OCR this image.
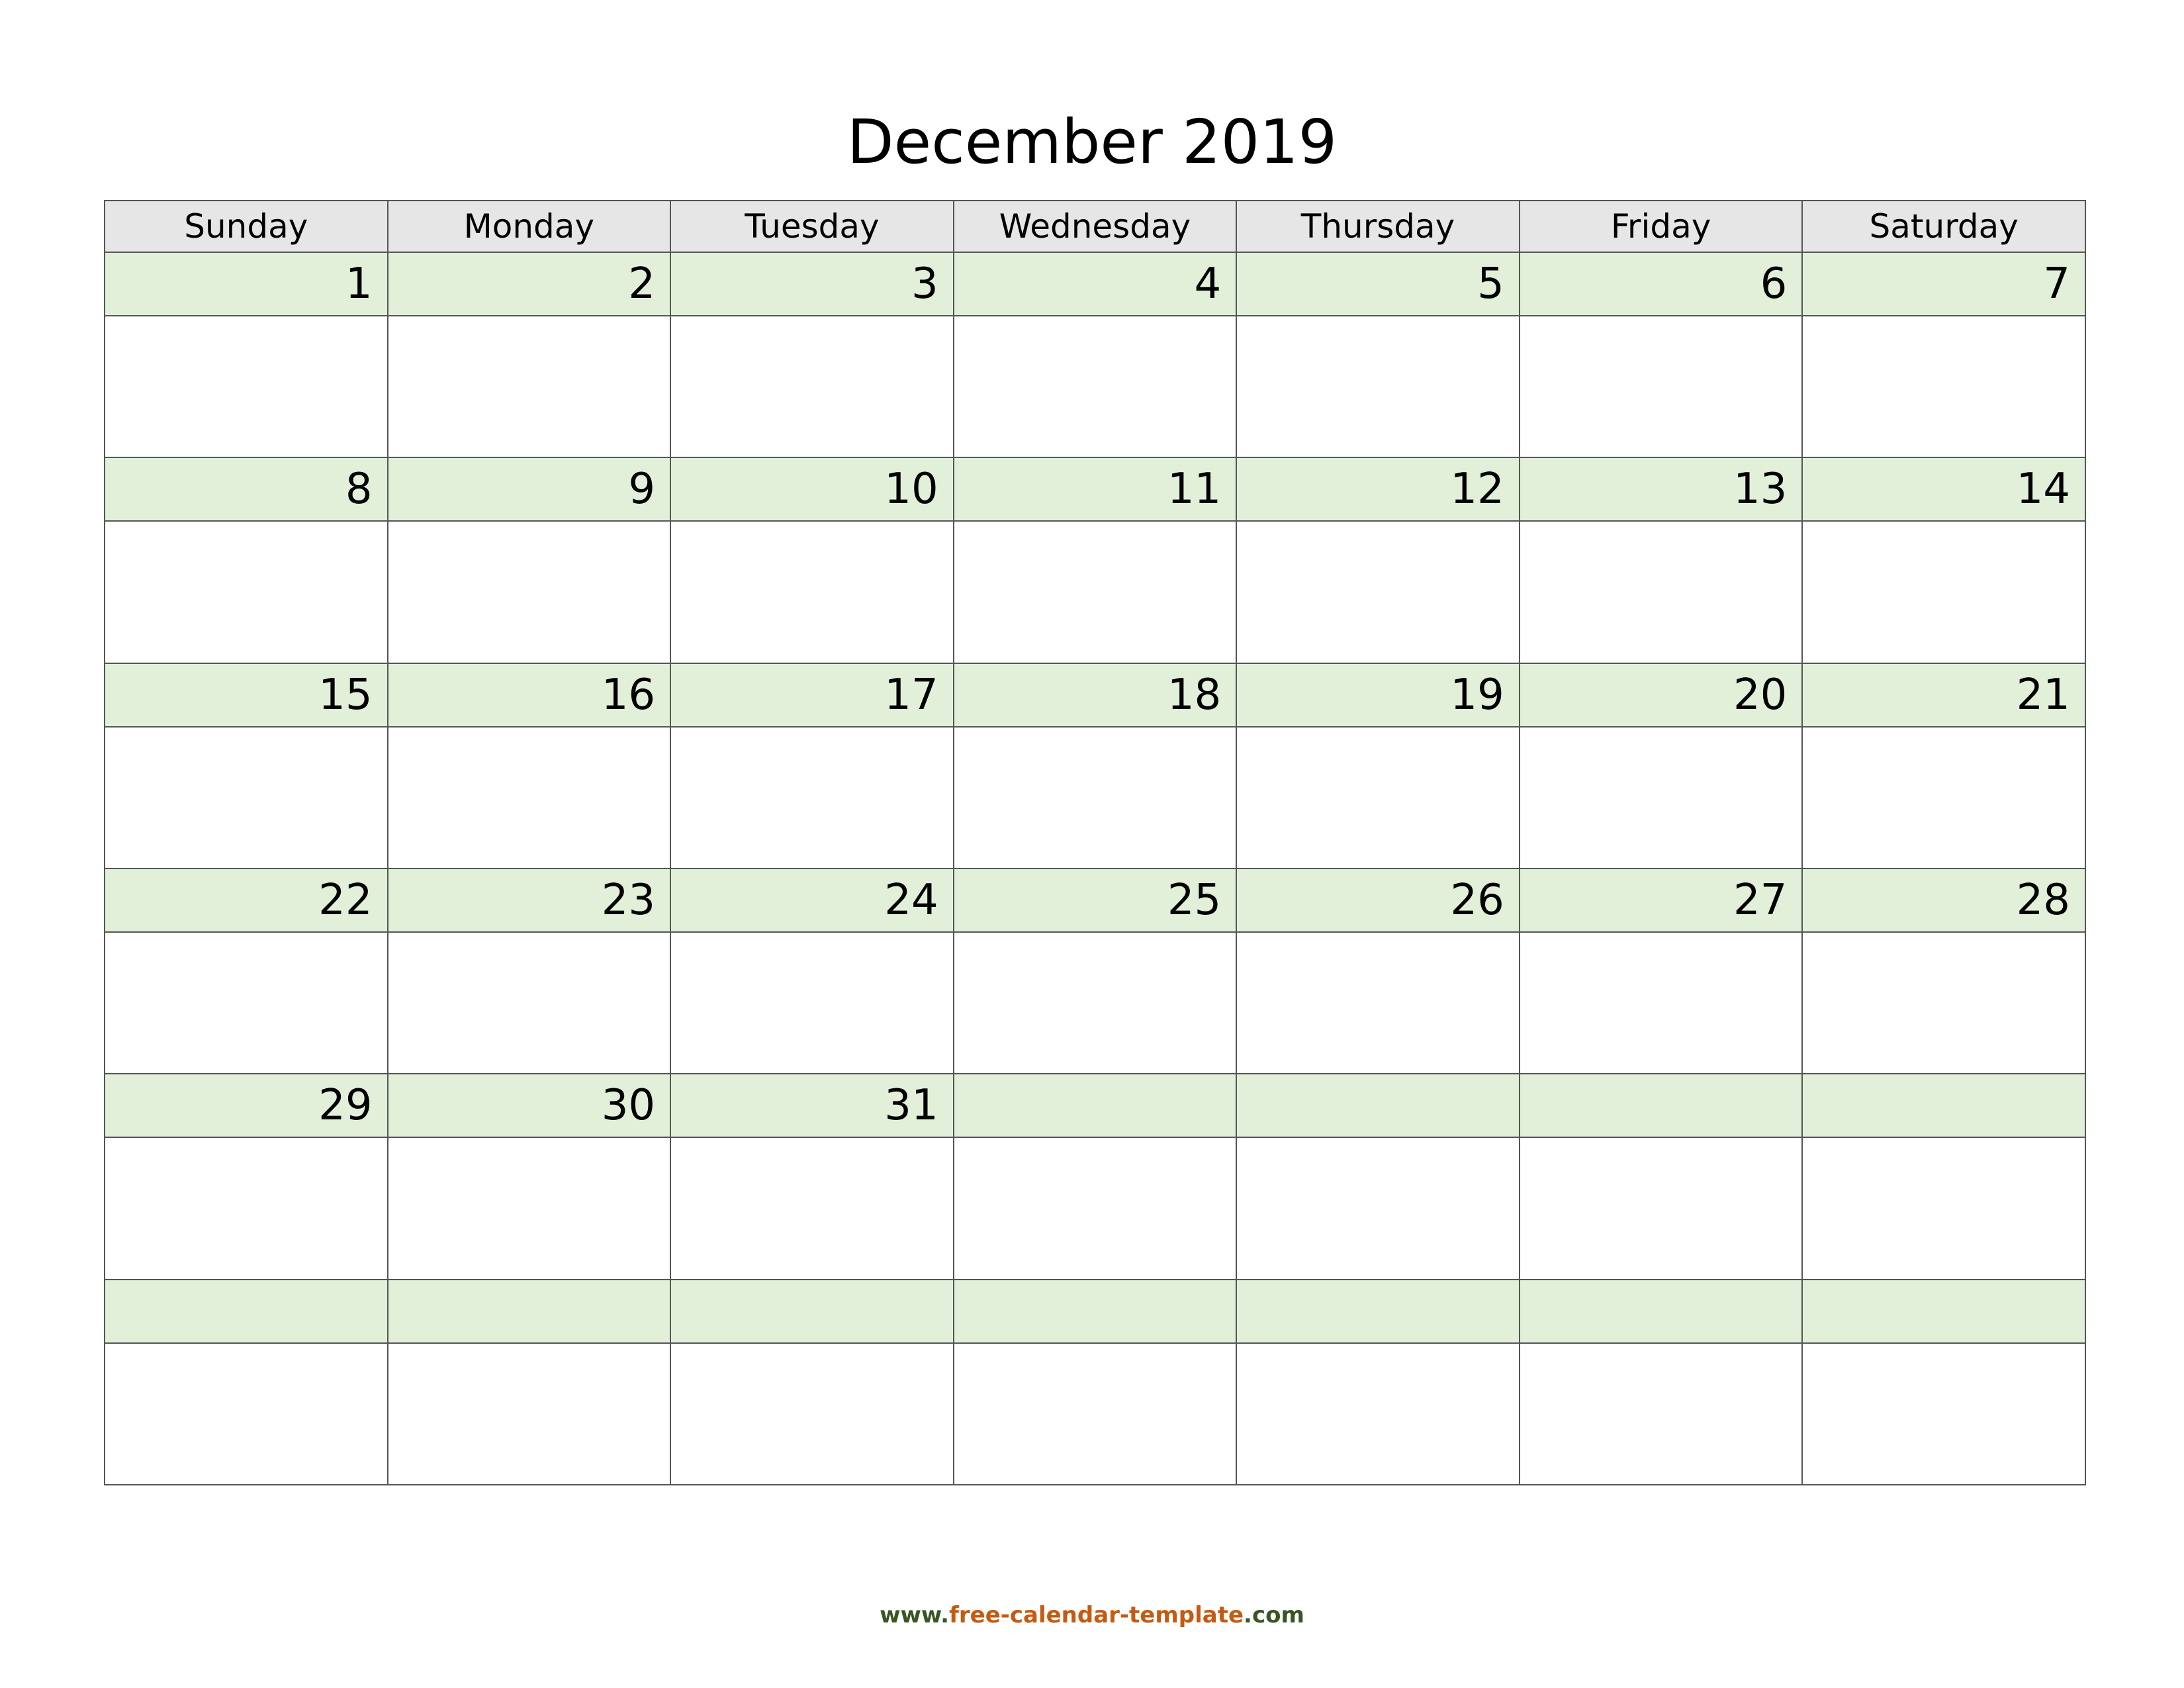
December 2019
Sunday	Monday	Tuesday	Wednesday	Thursday	Friday	Saturday
1	2	3	4	5	6	7

8	9	10	11	12	13	14

15	16	17	18	19	20	21

22	23	24	25	26	27	28

29	30	31				

www.free-calendar-template.com
